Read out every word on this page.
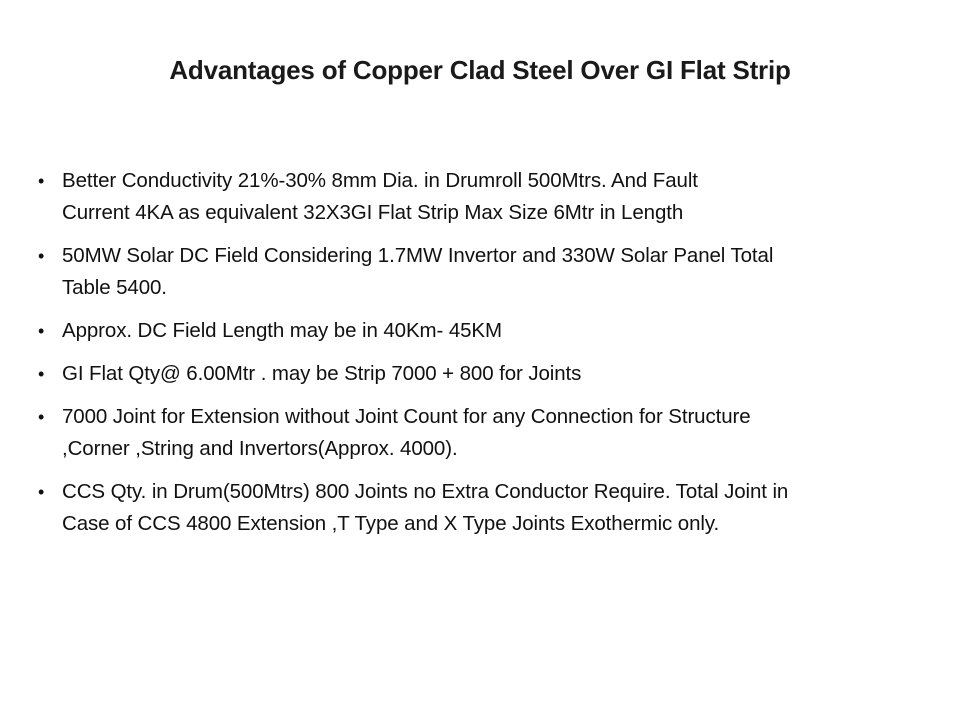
Advantages of Copper Clad Steel Over GI Flat Strip
• Better Conductivity 21%-30% 8mm Dia. in Drumroll 500Mtrs. And Fault
Current 4KA as equivalent 32X3GI Flat Strip Max Size 6Mtr in Length
• 50MW Solar DC Field Considering 1.7MW Invertor and 330W Solar Panel Total
Table 5400.
• Approx. DC Field Length may be in 40Km- 45KM
• GI Flat Qty@ 6.00Mtr . may be Strip 7000 + 800 for Joints
• 7000 Joint for Extension without Joint Count for any Connection for Structure
,Corner ,String and Invertors(Approx. 4000).
• CCS Qty. in Drum(500Mtrs) 800 Joints no Extra Conductor Require. Total Joint in
Case of CCS 4800 Extension ,T Type and X Type Joints Exothermic only.
